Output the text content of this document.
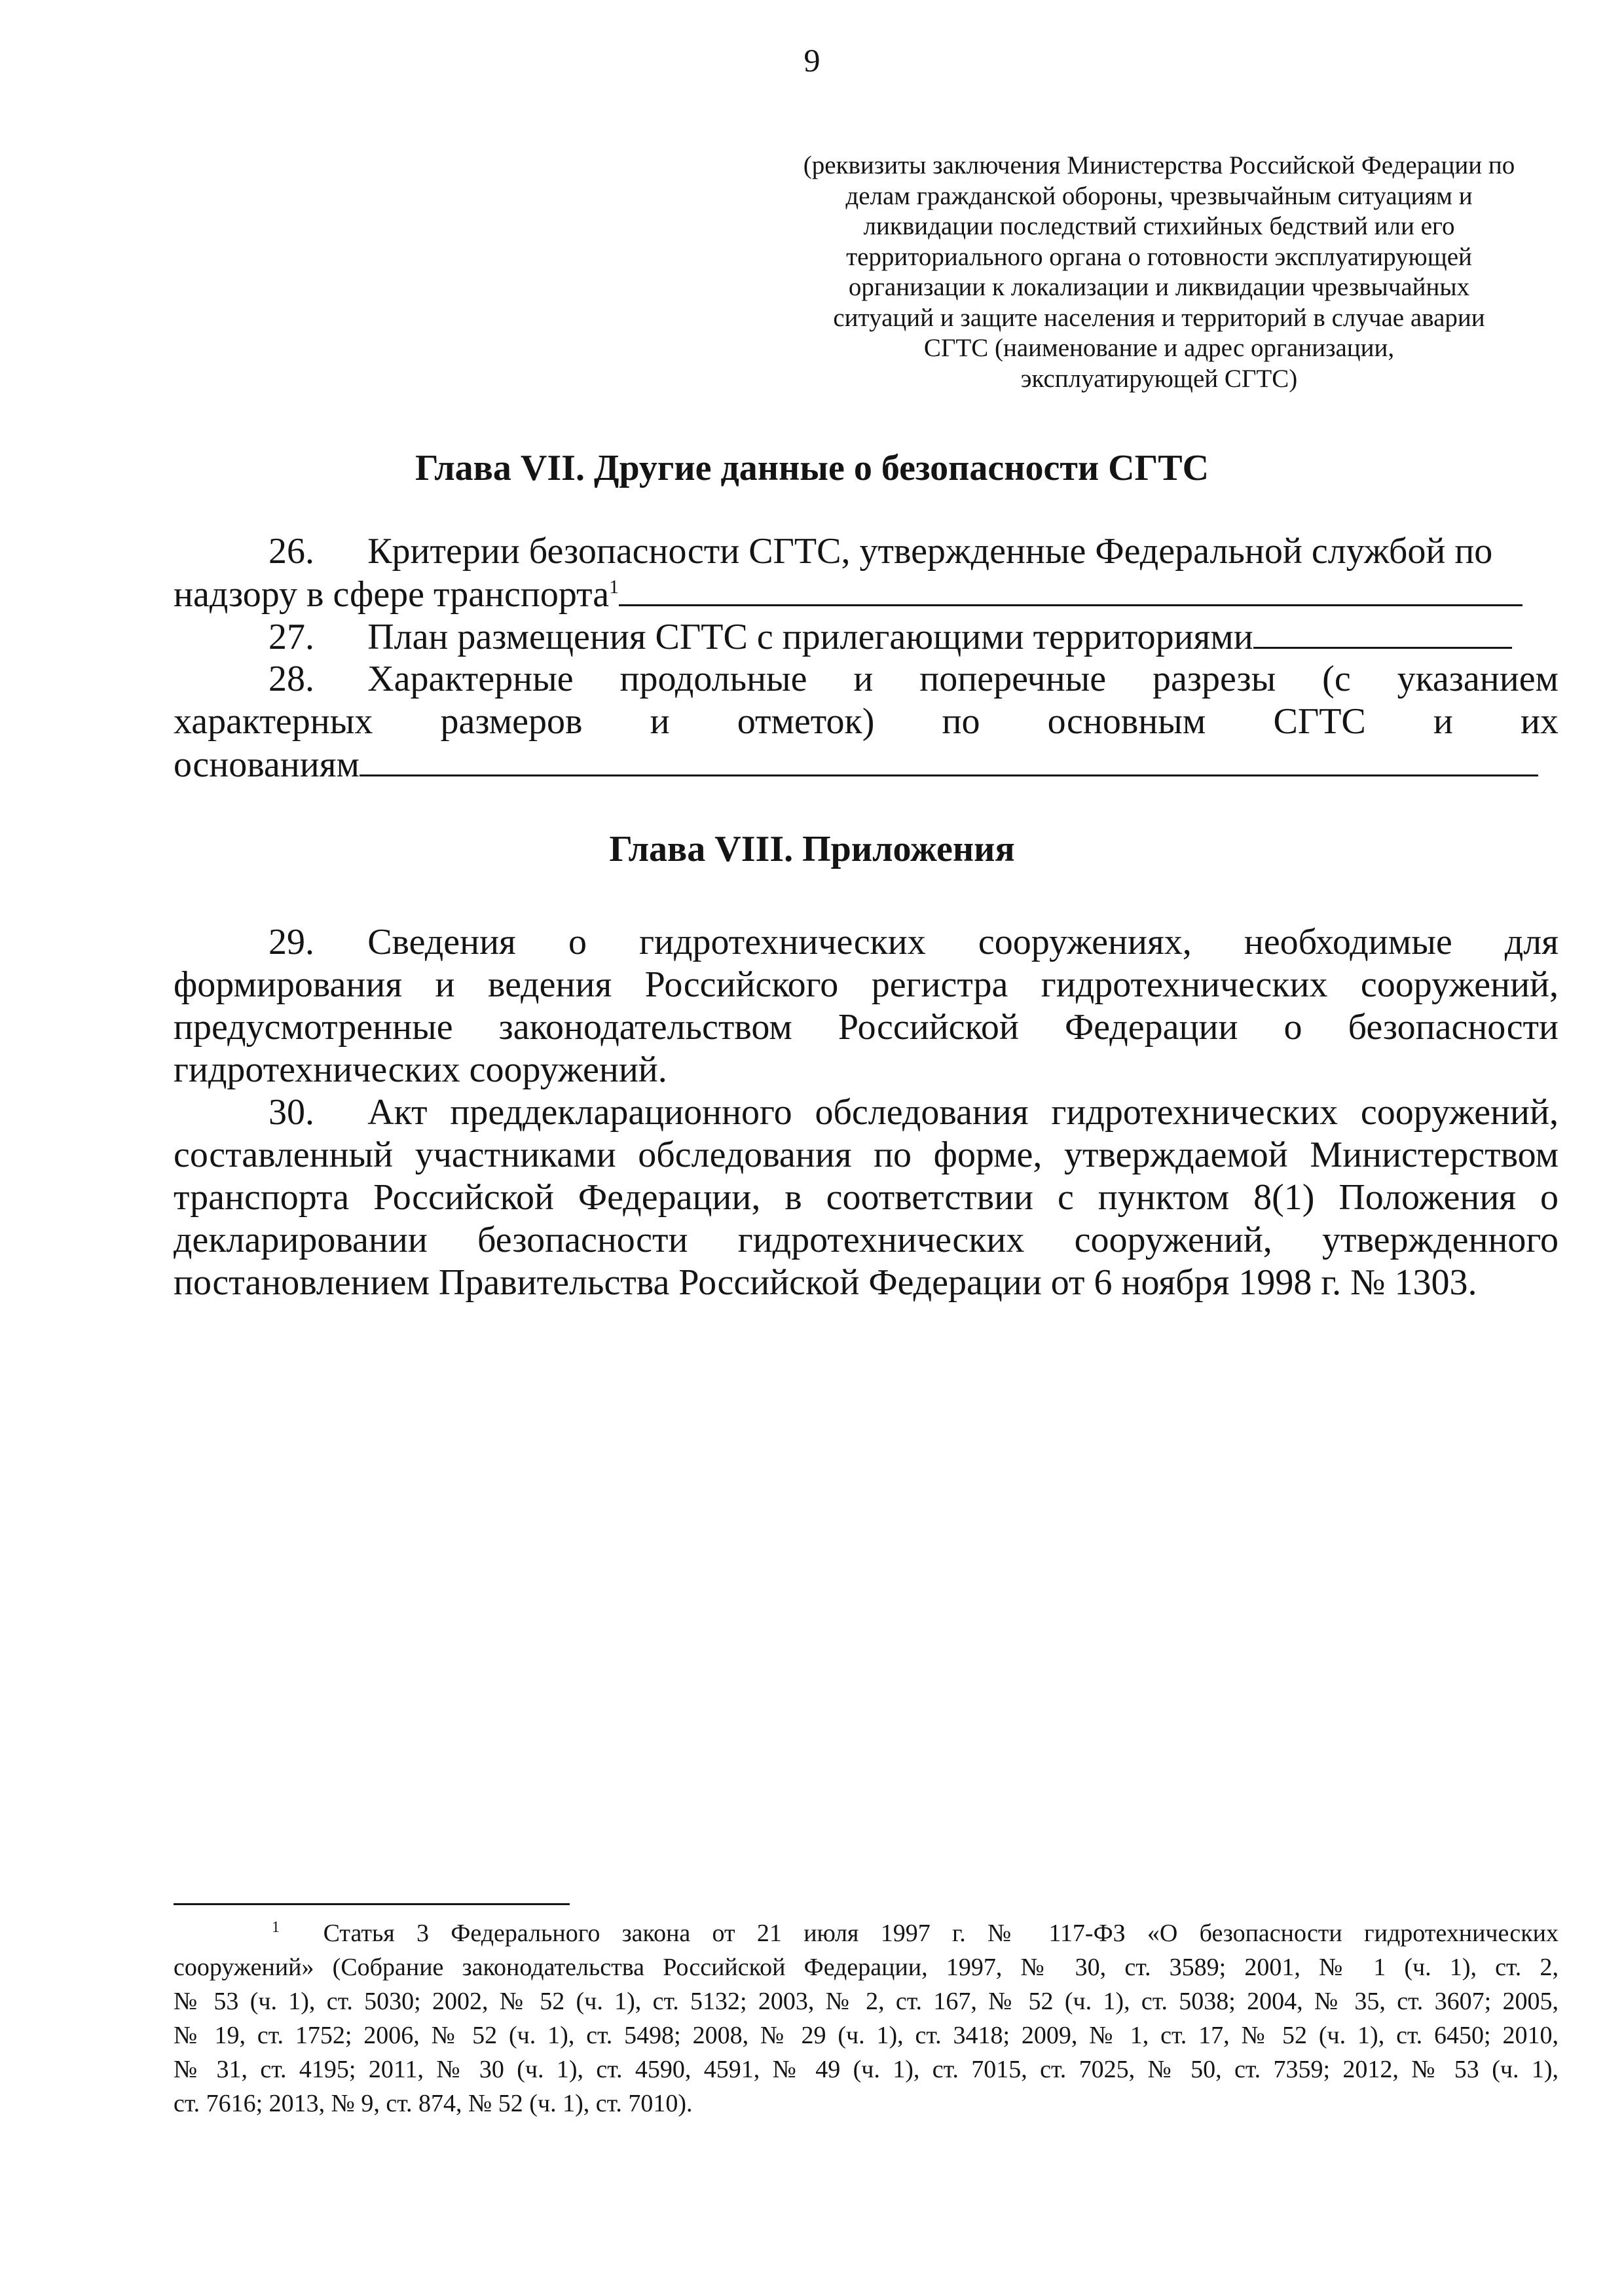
9
(реквизиты заключения Министерства Российской Федерации по
делам гражданской обороны, чрезвычайным ситуациям и
ликвидации последствий стихийных бедствий или его
территориального органа о готовности эксплуатирующей
организации к локализации и ликвидации чрезвычайных
ситуаций и защите населения и территорий в случае аварии
СГТС (наименование и адрес организации,
эксплуатирующей СГТС)
Глава VII. Другие данные о безопасности СГТС
26. Критерии безопасности СГТС, утвержденные Федеральной службой по
надзору в сфере транспорта$^1$
27. План размещения СГТС с прилегающими территориями
28. Характерные продольные и поперечные разрезы (с указанием
характерных размеров и отметок) по основным СГТС и их
основаниям
Глава VIII. Приложения
29. Сведения о гидротехнических сооружениях, необходимые для
формирования и ведения Российского регистра гидротехнических сооружений,
предусмотренные законодательством Российской Федерации о безопасности
гидротехнических сооружений.
30. Акт преддекларационного обследования гидротехнических сооружений,
составленный участниками обследования по форме, утверждаемой Министерством
транспорта Российской Федерации, в соответствии с пунктом 8(1) Положения о
декларировании безопасности гидротехнических сооружений, утвержденного
постановлением Правительства Российской Федерации от 6 ноября 1998 г. № 1303.
$^1$ Статья 3 Федерального закона от 21 июля 1997 г. № 117-ФЗ «О безопасности гидротехнических
сооружений» (Собрание законодательства Российской Федерации, 1997, № 30, ст. 3589; 2001, № 1 (ч. 1), ст. 2,
№ 53 (ч. 1), ст. 5030; 2002, № 52 (ч. 1), ст. 5132; 2003, № 2, ст. 167, № 52 (ч. 1), ст. 5038; 2004, № 35, ст. 3607; 2005,
№ 19, ст. 1752; 2006, № 52 (ч. 1), ст. 5498; 2008, № 29 (ч. 1), ст. 3418; 2009, № 1, ст. 17, № 52 (ч. 1), ст. 6450; 2010,
№ 31, ст. 4195; 2011, № 30 (ч. 1), ст. 4590, 4591, № 49 (ч. 1), ст. 7015, ст. 7025, № 50, ст. 7359; 2012, № 53 (ч. 1),
ст. 7616; 2013, № 9, ст. 874, № 52 (ч. 1), ст. 7010).
